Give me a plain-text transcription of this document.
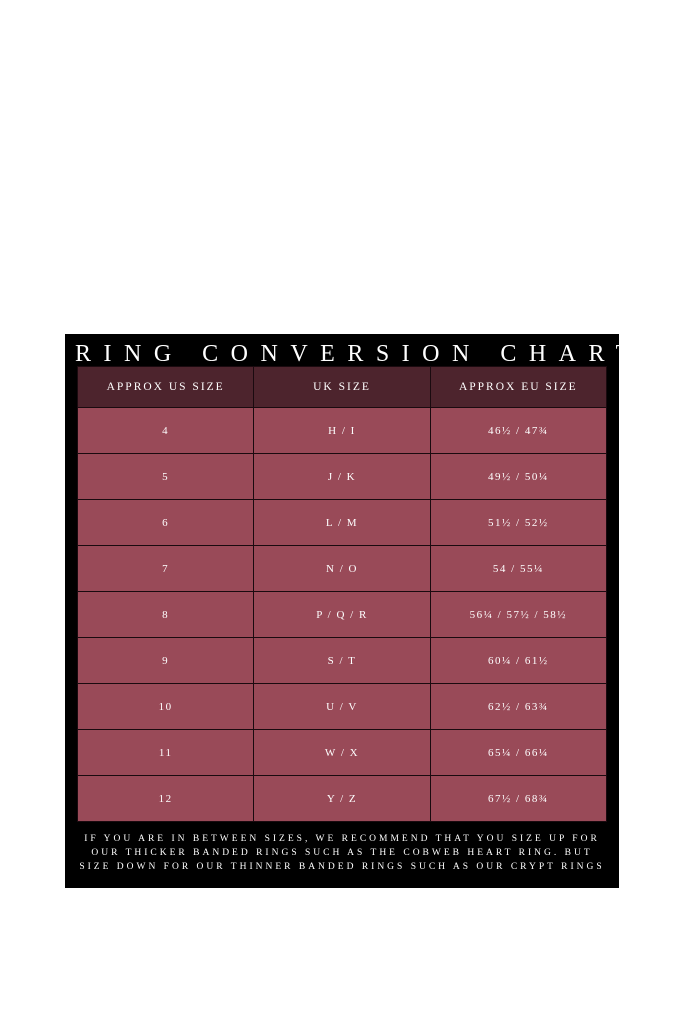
RING CONVERSION CHART
APPROX US SIZE	UK SIZE	APPROX EU SIZE
4	H / I	46½ / 47¾
5	J / K	49½ / 50¼
6	L / M	51½ / 52½
7	N / O	54 / 55¼
8	P / Q / R	56¼ / 57½ / 58½
9	S / T	60¼ / 61½
10	U / V	62½ / 63¾
11	W / X	65¼ / 66¼
12	Y / Z	67½ / 68¾
IF YOU ARE IN BETWEEN SIZES, WE RECOMMEND THAT YOU SIZE UP FOR OUR THICKER BANDED RINGS SUCH AS THE COBWEB HEART RING. BUT SIZE DOWN FOR OUR THINNER BANDED RINGS SUCH AS OUR CRYPT RINGS
